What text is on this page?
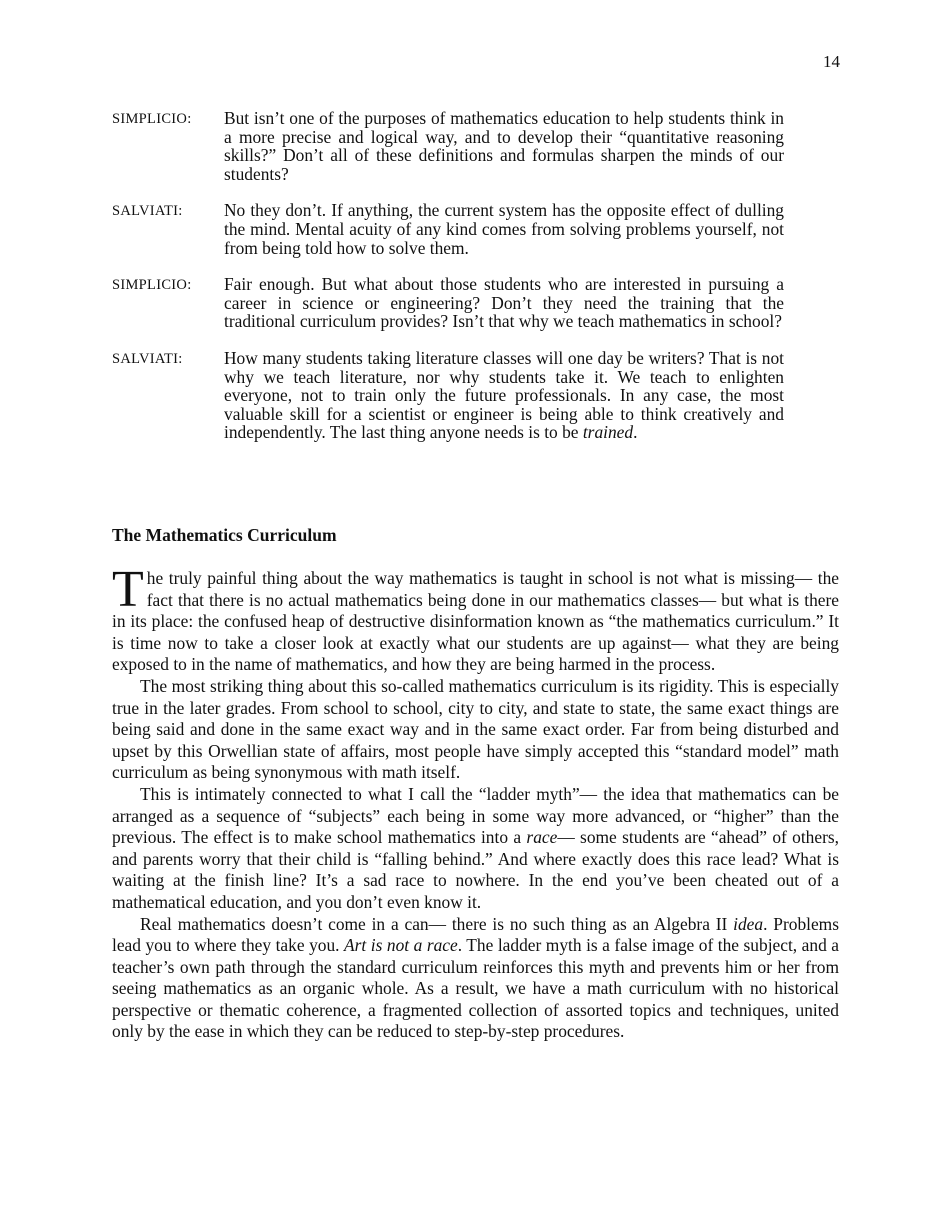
14
SIMPLICIO:	But isn’t one of the purposes of mathematics education to help students think in a more precise and logical way, and to develop their “quantitative reasoning skills?” Don’t all of these definitions and formulas sharpen the minds of our students?
SALVIATI:	No they don’t. If anything, the current system has the opposite effect of dulling the mind. Mental acuity of any kind comes from solving problems yourself, not from being told how to solve them.
SIMPLICIO:	Fair enough. But what about those students who are interested in pursuing a career in science or engineering? Don’t they need the training that the traditional curriculum provides? Isn’t that why we teach mathematics in school?
SALVIATI:	How many students taking literature classes will one day be writers? That is not why we teach literature, nor why students take it. We teach to enlighten everyone, not to train only the future professionals. In any case, the most valuable skill for a scientist or engineer is being able to think creatively and independently. The last thing anyone needs is to be trained.
The Mathematics Curriculum

The truly painful thing about the way mathematics is taught in school is not what is missing— the fact that there is no actual mathematics being done in our mathematics classes— but what is there in its place: the confused heap of destructive disinformation known as “the mathematics curriculum.” It is time now to take a closer look at exactly what our students are up against— what they are being exposed to in the name of mathematics, and how they are being harmed in the process.

The most striking thing about this so-called mathematics curriculum is its rigidity. This is especially true in the later grades. From school to school, city to city, and state to state, the same exact things are being said and done in the same exact way and in the same exact order. Far from being disturbed and upset by this Orwellian state of affairs, most people have simply accepted this “standard model” math curriculum as being synonymous with math itself.

This is intimately connected to what I call the “ladder myth”— the idea that mathematics can be arranged as a sequence of “subjects” each being in some way more advanced, or “higher” than the previous. The effect is to make school mathematics into a race— some students are “ahead” of others, and parents worry that their child is “falling behind.” And where exactly does this race lead? What is waiting at the finish line? It’s a sad race to nowhere. In the end you’ve been cheated out of a mathematical education, and you don’t even know it.

Real mathematics doesn’t come in a can— there is no such thing as an Algebra II idea. Problems lead you to where they take you. Art is not a race. The ladder myth is a false image of the subject, and a teacher’s own path through the standard curriculum reinforces this myth and prevents him or her from seeing mathematics as an organic whole. As a result, we have a math curriculum with no historical perspective or thematic coherence, a fragmented collection of assorted topics and techniques, united only by the ease in which they can be reduced to step-by-step procedures.
